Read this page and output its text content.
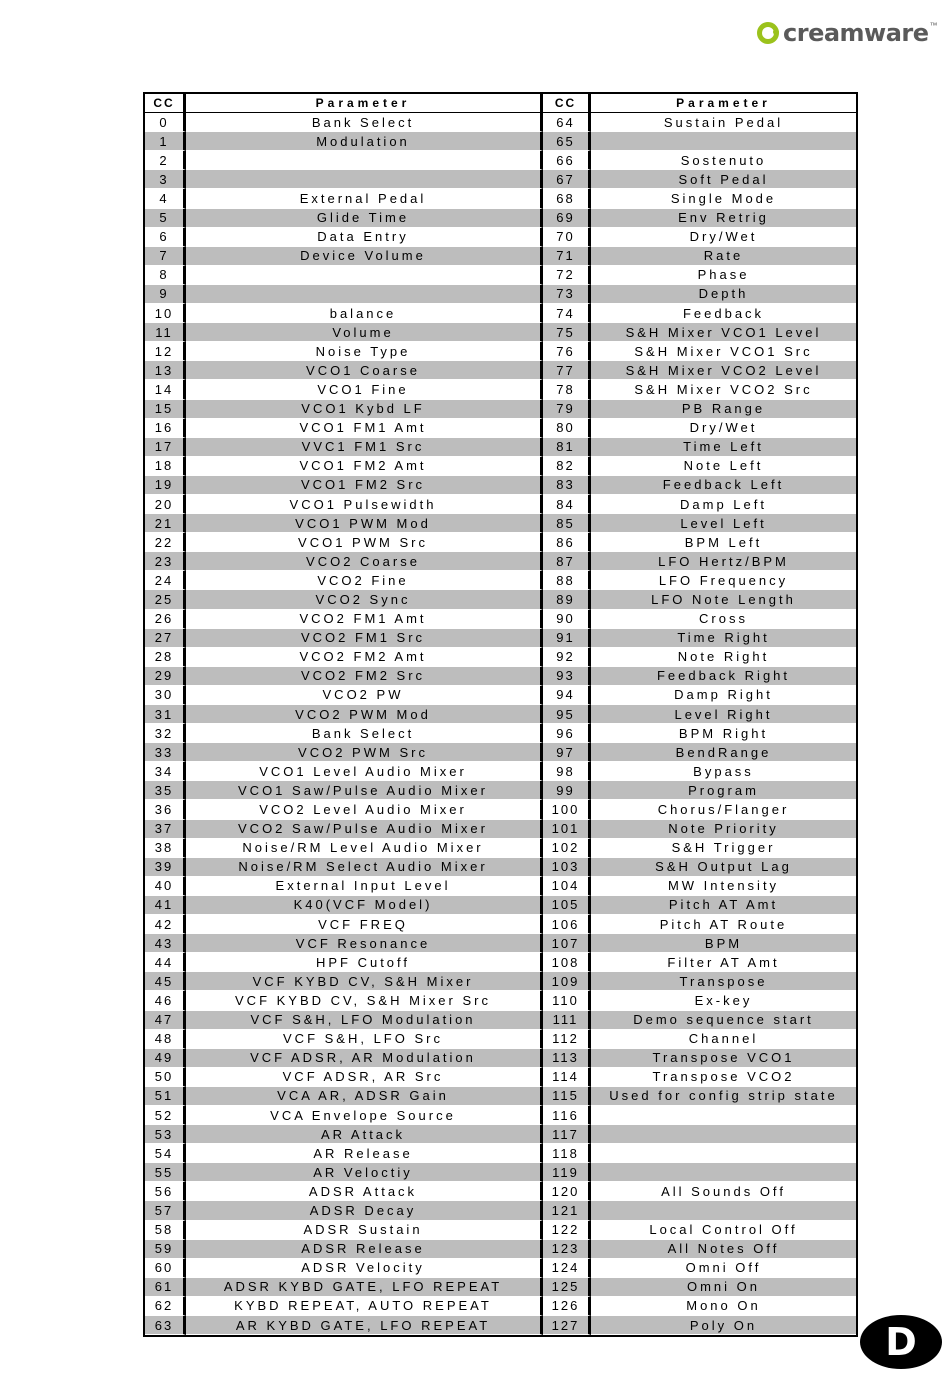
creamware ™
CC	Parameter	CC	Parameter
0	Bank Select	64	Sustain Pedal
1	Modulation	65	
2		66	Sostenuto
3		67	Soft Pedal
4	External Pedal	68	Single Mode
5	Glide Time	69	Env Retrig
6	Data Entry	70	Dry/Wet
7	Device Volume	71	Rate
8		72	Phase
9		73	Depth
10	balance	74	Feedback
11	Volume	75	S&H Mixer VCO1 Level
12	Noise Type	76	S&H Mixer VCO1 Src
13	VCO1 Coarse	77	S&H Mixer VCO2 Level
14	VCO1 Fine	78	S&H Mixer VCO2 Src
15	VCO1 Kybd LF	79	PB Range
16	VCO1 FM1 Amt	80	Dry/Wet
17	VVC1 FM1 Src	81	Time Left
18	VCO1 FM2 Amt	82	Note Left
19	VCO1 FM2 Src	83	Feedback Left
20	VCO1 Pulsewidth	84	Damp Left
21	VCO1 PWM Mod	85	Level Left
22	VCO1 PWM Src	86	BPM Left
23	VCO2 Coarse	87	LFO Hertz/BPM
24	VCO2 Fine	88	LFO Frequency
25	VCO2 Sync	89	LFO Note Length
26	VCO2 FM1 Amt	90	Cross
27	VCO2 FM1 Src	91	Time Right
28	VCO2 FM2 Amt	92	Note Right
29	VCO2 FM2 Src	93	Feedback Right
30	VCO2 PW	94	Damp Right
31	VCO2 PWM Mod	95	Level Right
32	Bank Select	96	BPM Right
33	VCO2 PWM Src	97	BendRange
34	VCO1 Level Audio Mixer	98	Bypass
35	VCO1 Saw/Pulse Audio Mixer	99	Program
36	VCO2 Level Audio Mixer	100	Chorus/Flanger
37	VCO2 Saw/Pulse Audio Mixer	101	Note Priority
38	Noise/RM Level Audio Mixer	102	S&H Trigger
39	Noise/RM Select Audio Mixer	103	S&H Output Lag
40	External Input Level	104	MW Intensity
41	K40(VCF Model)	105	Pitch AT Amt
42	VCF FREQ	106	Pitch AT Route
43	VCF Resonance	107	BPM
44	HPF Cutoff	108	Filter AT Amt
45	VCF KYBD CV, S&H Mixer	109	Transpose
46	VCF KYBD CV, S&H Mixer Src	110	Ex-key
47	VCF S&H, LFO Modulation	111	Demo sequence start
48	VCF S&H, LFO Src	112	Channel
49	VCF ADSR, AR Modulation	113	Transpose VCO1
50	VCF ADSR, AR Src	114	Transpose VCO2
51	VCA AR, ADSR Gain	115	Used for config strip state
52	VCA Envelope Source	116	
53	AR Attack	117	
54	AR Release	118	
55	AR Veloctiy	119	
56	ADSR Attack	120	All Sounds Off
57	ADSR Decay	121	
58	ADSR Sustain	122	Local Control Off
59	ADSR Release	123	All Notes Off
60	ADSR Velocity	124	Omni Off
61	ADSR KYBD GATE, LFO REPEAT	125	Omni On
62	KYBD REPEAT, AUTO REPEAT	126	Mono On
63	AR KYBD GATE, LFO REPEAT	127	Poly On	D
